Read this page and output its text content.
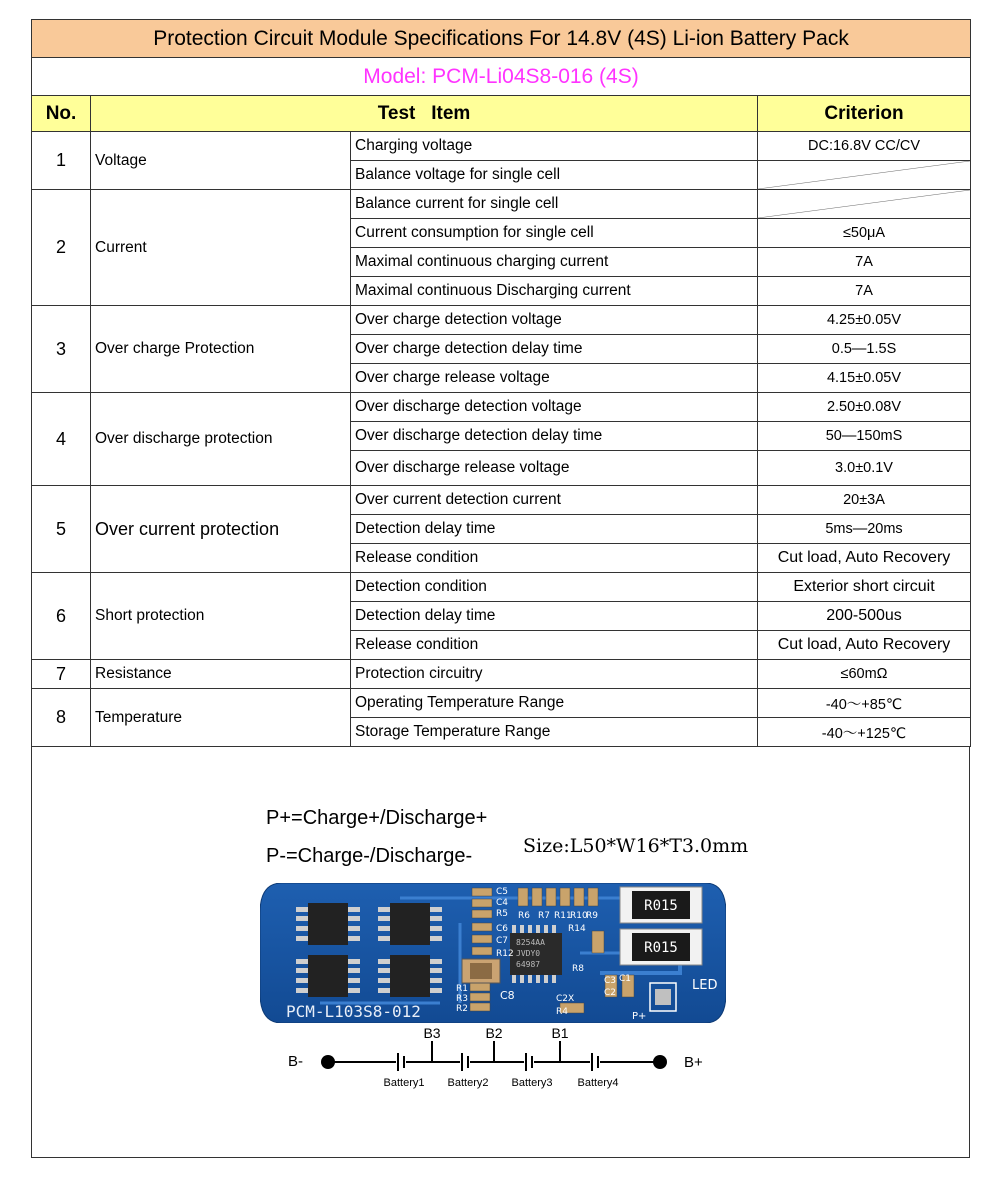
Protection Circuit Module Specifications For 14.8V (4S) Li-ion Battery Pack			
Model: PCM-Li04S8-016 (4S)			
No.	Test   Item		Criterion
1	Voltage	Charging voltage	DC:16.8V CC/CV
		Balance voltage for single cell	

2	Current	Balance current for single cell	

		Current consumption for single cell	≤50μA
		Maximal continuous charging current	7A
		Maximal continuous Discharging current	7A
3	Over charge Protection	Over charge detection voltage	4.25±0.05V
		Over charge detection delay time	0.5—1.5S
		Over charge release voltage	4.15±0.05V
4	Over discharge protection	Over discharge detection voltage	2.50±0.08V
		Over discharge detection delay time	50—150mS
		Over discharge release voltage	3.0±0.1V
5	Over current protection	Over current detection current	20±3A
		Detection delay time	5ms—20ms
		Release condition	Cut load, Auto Recovery
6	Short protection	Detection condition	Exterior short circuit
		Detection delay time	200-500us
		Release condition	Cut load, Auto Recovery
7	Resistance	Protection circuitry	≤60mΩ
8	Temperature	Operating Temperature Range	-40～+85℃
		Storage Temperature Range	-40～+125℃
P+=Charge+/Discharge+
P-=Charge-/Discharge-	Size:L50*W16*T3.0mm
8254AA
JVDY0
64987
C5
C4
R5
C6
C7
R12
R6 R7 R11
R10
R9
R14
R8
C3 C1
C2
C2X
R4
R1
R3
R2
C8
R015
R015
LED
P+
PCM-L103S8-012
B-	B+
B3	B2	B1
Battery1 Battery2 Battery3 Battery4
